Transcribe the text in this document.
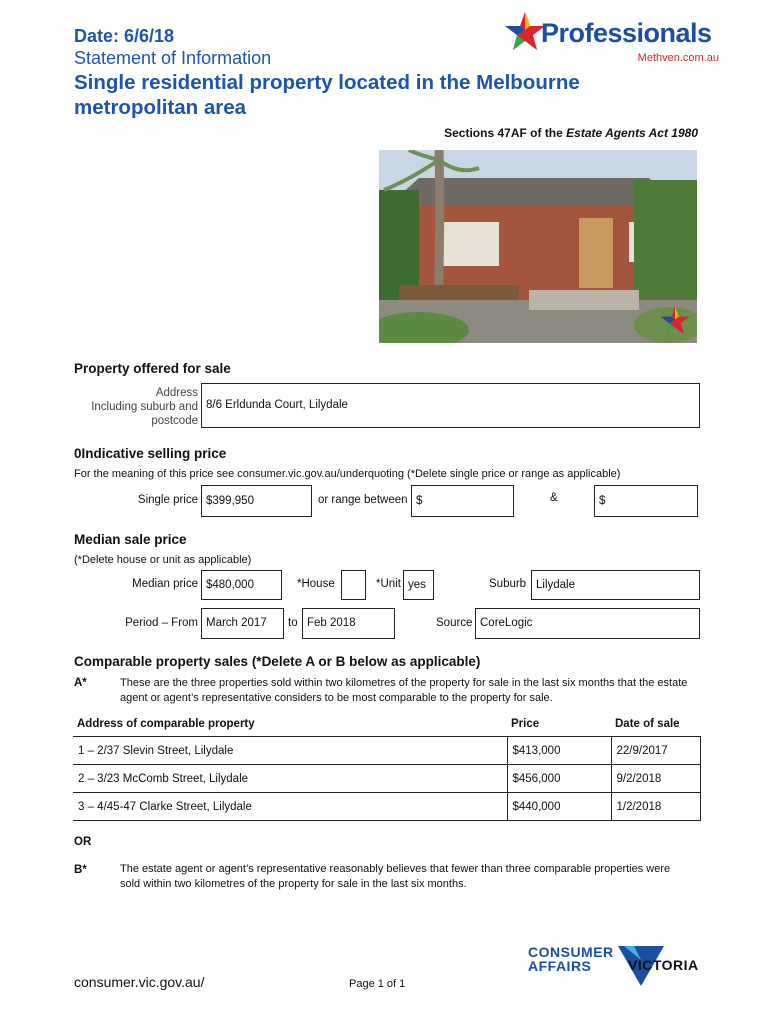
Date: 6/6/18
Statement of Information
Single residential property located in the Melbourne metropolitan area
Professionals
Methven.com.au
Sections 47AF of the Estate Agents Act 1980
Property offered for sale
Address
Including suburb and
postcode
8/6 Erldunda Court, Lilydale
0Indicative selling price
For the meaning of this price see consumer.vic.gov.au/underquoting (*Delete single price or range as applicable)
Single price $399,950	or range between $	&	$
Median sale price
(*Delete house or unit as applicable)
Median price $480,000	*House	*Unit yes	Suburb Lilydale
Period – From March 2017	to Feb 2018	Source CoreLogic
Comparable property sales (*Delete A or B below as applicable)
A*	These are the three properties sold within two kilometres of the property for sale in the last six months that the estate agent or agent’s representative considers to be most comparable to the property for sale.
Address of comparable property	Price	Date of sale
1 – 2/37 Slevin Street, Lilydale	$413,000	22/9/2017
2 – 3/23 McComb Street, Lilydale	$456,000	9/2/2018
3 – 4/45-47 Clarke Street, Lilydale	$440,000	1/2/2018
OR
B*	The estate agent or agent’s representative reasonably believes that fewer than three comparable properties were sold within two kilometres of the property for sale in the last six months.
consumer.vic.gov.au/	Page 1 of 1
CONSUMER
AFFAIRS	VICTORIA
